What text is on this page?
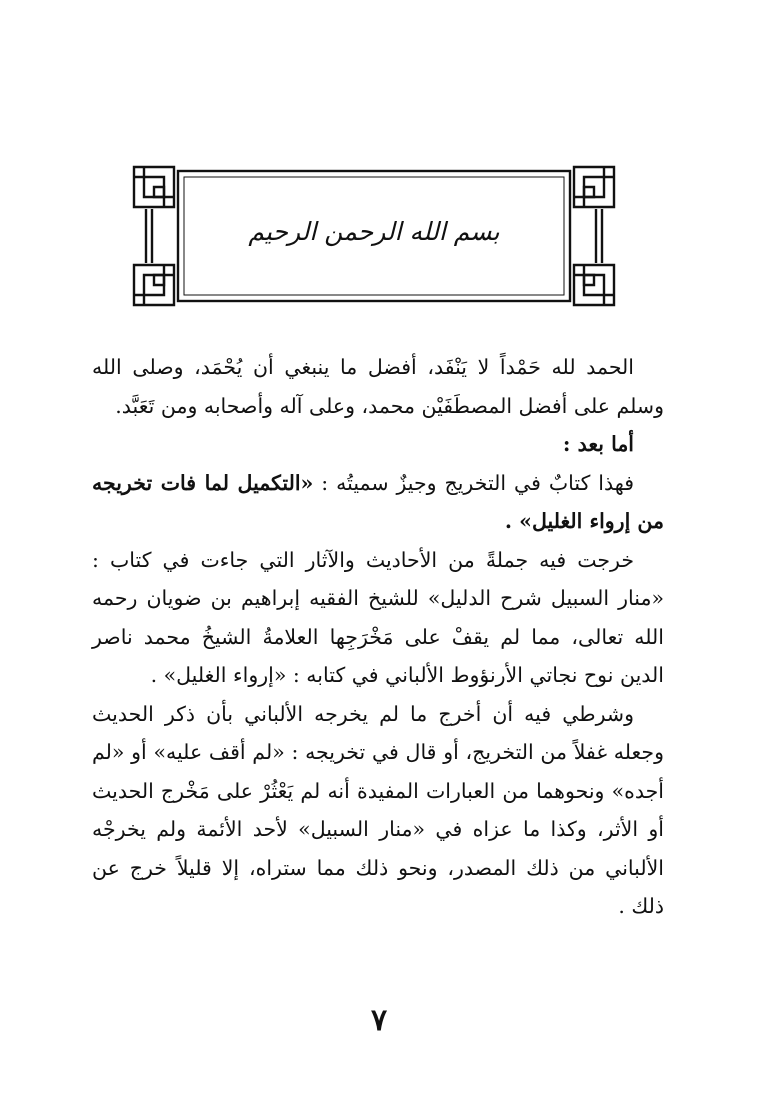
بسم الله الرحمن الرحيم

الحمد لله حَمْداً لا يَنْفَد، أفضل ما ينبغي أن يُحْمَد، وصلى الله وسلم على أفضل المصطَفَيْن محمد، وعلى آله وأصحابه ومن تَعَبَّد.

أما بعد :

فهذا كتابٌ في التخريج وجيزٌ سميتُه : «التكميل لما فات تخريجه من إرواء الغليل» .

خرجت فيه جملةً من الأحاديث والآثار التي جاءت في كتاب : «منار السبيل شرح الدليل» للشيخ الفقيه إبراهيم بن ضويان رحمه الله تعالى، مما لم يقفْ على مَخْرَجِها العلامةُ الشيخُ محمد ناصر الدين نوح نجاتي الأرنؤوط الألباني في كتابه : «إرواء الغليل» .

وشرطي فيه أن أخرج ما لم يخرجه الألباني بأن ذكر الحديث وجعله غفلاً من التخريج، أو قال في تخريجه : «لم أقف عليه» أو «لم أجده» ونحوهما من العبارات المفيدة أنه لم يَعْثُرْ على مَخْرج الحديث أو الأثر، وكذا ما عزاه في «منار السبيل» لأحد الأئمة ولم يخرجْه الألباني من ذلك المصدر، ونحو ذلك مما ستراه، إلا قليلاً خرج عن ذلك .

٧
